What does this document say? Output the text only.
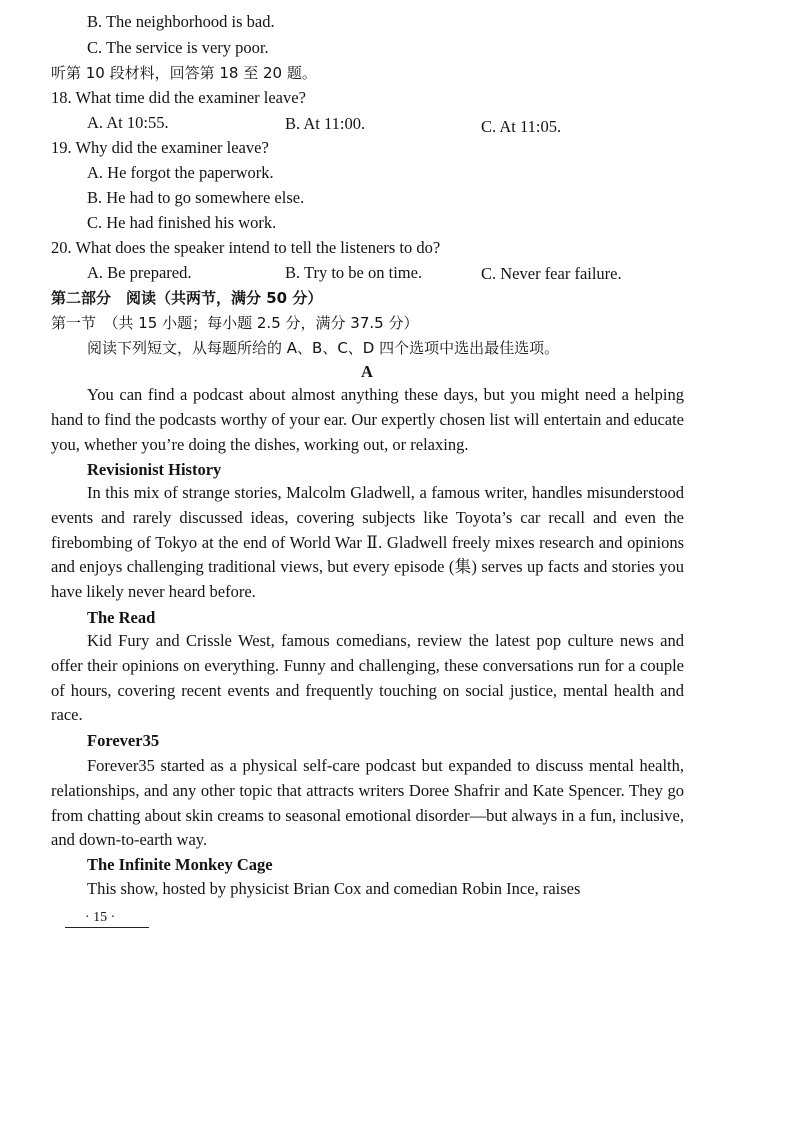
B. The neighborhood is bad.
C. The service is very poor.
听第 10 段材料，回答第 18 至 20 题。
18. What time did the examiner leave?
A. At 10:55.	B. At 11:00.	C. At 11:05.
19. Why did the examiner leave?
A. He forgot the paperwork.
B. He had to go somewhere else.
C. He had finished his work.
20. What does the speaker intend to tell the listeners to do?
A. Be prepared.	B. Try to be on time.	C. Never fear failure.
第二部分　阅读（共两节，满分 50 分）
第一节　（共 15 小题；每小题 2.5 分，满分 37.5 分）
阅读下列短文，从每题所给的 A、B、C、D 四个选项中选出最佳选项。
A
You can find a podcast about almost anything these days, but you might need a helping hand to find the podcasts worthy of your ear. Our expertly chosen list will entertain and educate you, whether you’re doing the dishes, working out, or relaxing.
Revisionist History
In this mix of strange stories, Malcolm Gladwell, a famous writer, handles misunderstood events and rarely discussed ideas, covering subjects like Toyota’s car recall and even the firebombing of Tokyo at the end of World War Ⅱ. Gladwell freely mixes research and opinions and enjoys challenging traditional views, but every episode (集) serves up facts and stories you have likely never heard before.
The Read
Kid Fury and Crissle West, famous comedians, review the latest pop culture news and offer their opinions on everything. Funny and challenging, these conversations run for a couple of hours, covering recent events and frequently touching on social justice, mental health and race.
Forever35
Forever35 started as a physical self-care podcast but expanded to discuss mental health, relationships, and any other topic that attracts writers Doree Shafrir and Kate Spencer. They go from chatting about skin creams to seasonal emotional disorder—but always in a fun, inclusive, and down-to-earth way.
The Infinite Monkey Cage
This show, hosted by physicist Brian Cox and comedian Robin Ince, raises
· 15 ·
